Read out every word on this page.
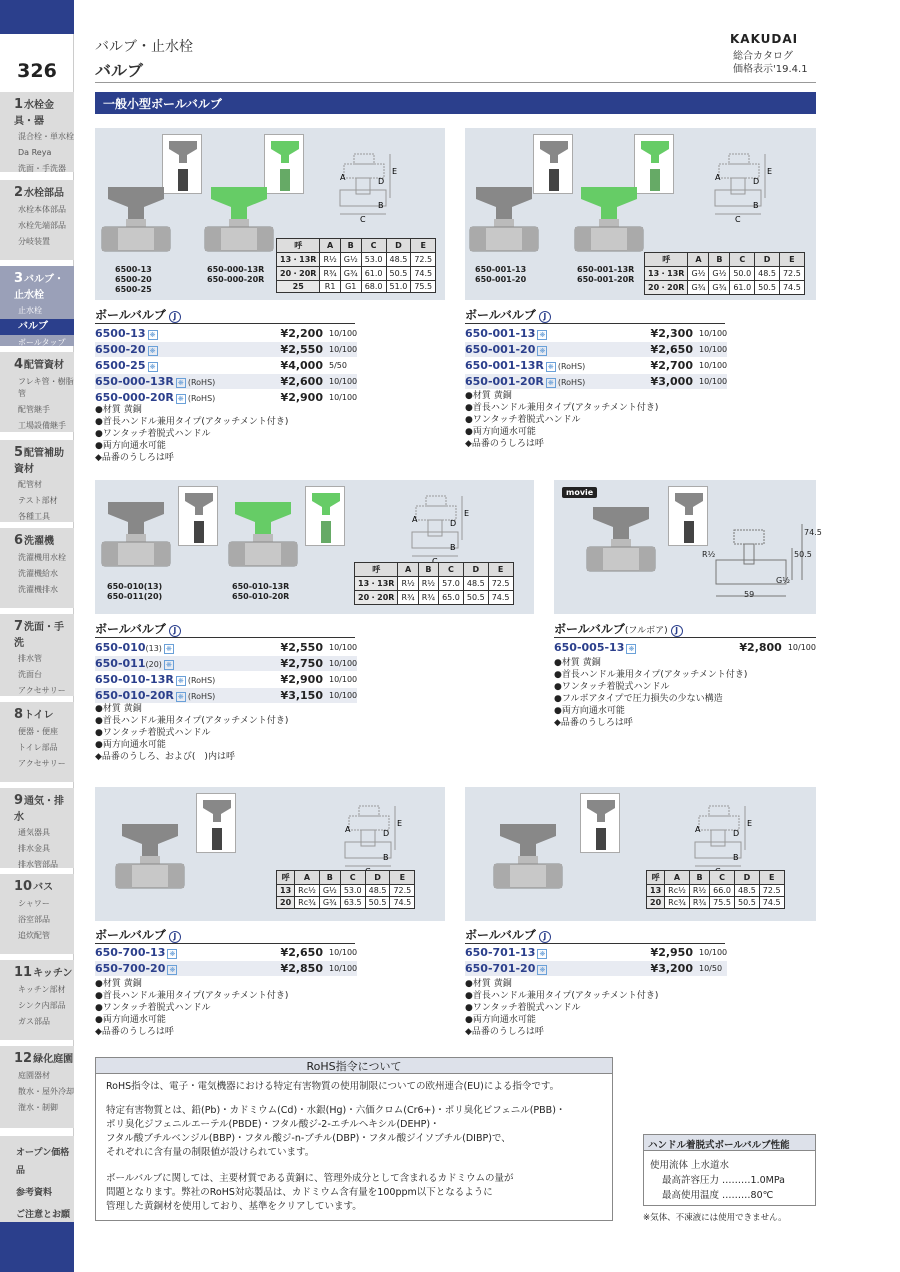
326
1水栓金具・器
混合栓・単水栓
Da Reya
洗面・手洗器
2水栓部品
水栓本体部品
水栓先端部品
分岐装置
3バルブ・止水栓
止水栓
バルブ
ボールタップ
4配管資材
フレキ管・樹脂管
配管継手
工場設備継手
5配管補助資材
配管材
テスト部材
各種工具
6洗濯機
洗濯機用水栓
洗濯機給水
洗濯機排水
7洗面・手洗
排水管
洗面台
アクセサリー
8トイレ
便器・便座
トイレ部品
アクセサリー
9通気・排水
通気器具
排水金具
排水管部品
10バス
シャワー
浴室部品
追炊配管
11キッチン
キッチン部材
シンク内部品
ガス部品
12緑化庭園
庭園器材
散水・屋外冷却
潅水・制御
オープン価格品
参考資料
ご注意とお願
バルブ・止水栓
バルブ
KAKUDAI
総合カタログ
価格表示'19.4.1
一般小型ボールバルブ
6500-13
6500-20
6500-25
650-000-13R
650-000-20R
E
D
A
B
C
呼	A	B	C	D	E
13・13R	R½	G½	53.0	48.5	72.5
20・20R	R¾	G¾	61.0	50.5	74.5
25	R1	G1	68.0	51.0	75.5
ボールバルブ J
6500-13 ❋	¥2,200 10/100
6500-20 ❋	¥2,550 10/100
6500-25 ❋	¥4,000 5/50
650-000-13R ❋ (RoHS)	¥2,600 10/100
650-000-20R ❋ (RoHS)	¥2,900 10/100
●材質 黄銅
●首長ハンドル兼用タイプ(アタッチメント付き)
●ワンタッチ着脱式ハンドル
●両方向通水可能
◆品番のうしろは呼
650-001-13
650-001-20
650-001-13R
650-001-20R
E
D
A
B
C
呼	A	B	C	D	E
13・13R	G½	G½	50.0	48.5	72.5
20・20R	G¾	G¾	61.0	50.5	74.5
ボールバルブ J
650-001-13 ❋	¥2,300 10/100
650-001-20 ❋	¥2,650 10/100
650-001-13R ❋ (RoHS)	¥2,700 10/100
650-001-20R ❋ (RoHS)	¥3,000 10/100
●材質 黄銅
●首長ハンドル兼用タイプ(アタッチメント付き)
●ワンタッチ着脱式ハンドル
●両方向通水可能
◆品番のうしろは呼
650-010(13)
650-011(20)
650-010-13R
650-010-20R
E
D
A
B
呼	A	B	C	D	E
13・13R	R½	R½	57.0	48.5	72.5
20・20R	R¾	R¾	65.0	50.5	74.5
ボールバルブ J
650-010(13) ❋	¥2,550 10/100
650-011(20) ❋	¥2,750 10/100
650-010-13R ❋ (RoHS)	¥2,900 10/100
650-010-20R ❋ (RoHS)	¥3,150 10/100
●材質 黄銅
●首長ハンドル兼用タイプ(アタッチメント付き)
●ワンタッチ着脱式ハンドル
●両方向通水可能
◆品番のうしろ、および(　)内は呼
74.5
50.5
R½
G½
59
movie
ボールバルブ(フルボア) J
650-005-13 ❋	¥2,800 10/100
●材質 黄銅
●首長ハンドル兼用タイプ(アタッチメント付き)
●ワンタッチ着脱式ハンドル
●フルボアタイプで圧力損失の少ない構造
●両方向通水可能
◆品番のうしろは呼
E
D
A
B
呼	A	B	C	D	E
13	Rc½	G½	53.0	48.5	72.5
20	Rc¾	G¾	63.5	50.5	74.5
ボールバルブ J
650-700-13 ❋	¥2,650 10/100
650-700-20 ❋	¥2,850 10/100
●材質 黄銅
●首長ハンドル兼用タイプ(アタッチメント付き)
●ワンタッチ着脱式ハンドル
●両方向通水可能
◆品番のうしろは呼
E
D
A
B
呼	A	B	C	D	E
13	Rc½	R½	66.0	48.5	72.5
20	Rc¾	R¾	75.5	50.5	74.5
ボールバルブ J
650-701-13 ❋	¥2,950 10/100
650-701-20 ❋	¥3,200 10/50
●材質 黄銅
●首長ハンドル兼用タイプ(アタッチメント付き)
●ワンタッチ着脱式ハンドル
●両方向通水可能
◆品番のうしろは呼
RoHS指令について
RoHS指令は、電子・電気機器における特定有害物質の使用制限についての欧州連合(EU)による指令です。
特定有害物質とは、鉛(Pb)・カドミウム(Cd)・水銀(Hg)・六価クロム(Cr6+)・ポリ臭化ビフェニル(PBB)・
ポリ臭化ジフェニルエーテル(PBDE)・フタル酸ジ-2-エチルヘキシル(DEHP)・
フタル酸ブチルベンジル(BBP)・フタル酸ジ-n-ブチル(DBP)・フタル酸ジイソブチル(DIBP)で、
それぞれに含有量の制限値が設けられています。
ボールバルブに関しては、主要材質である黄銅に、管理外成分として含まれるカドミウムの量が
問題となります。弊社のRoHS対応製品は、カドミウム含有量を100ppm以下となるように
管理した黄銅材を使用しており、基準をクリアしています。
ハンドル着脱式ボールバルブ性能
使用流体 上水道水
最高許容圧力 ………1.0MPa
最高使用温度 ………80℃
※気体、不凍液には使用できません。
